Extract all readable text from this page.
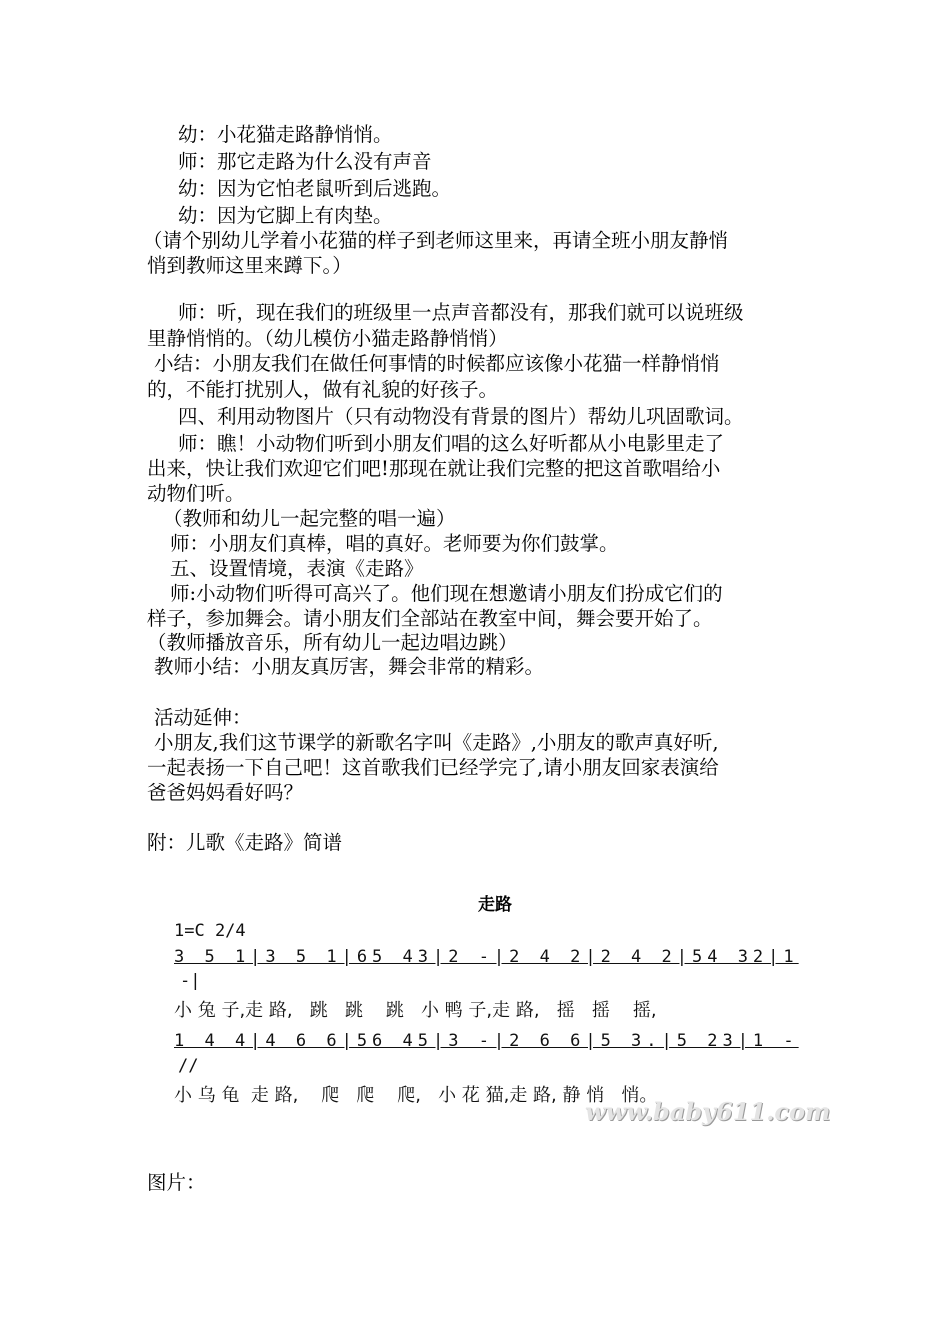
幼：小花猫走路静悄悄。
师：那它走路为什么没有声音
幼：因为它怕老鼠听到后逃跑。
幼：因为它脚上有肉垫。
（请个别幼儿学着小花猫的样子到老师这里来，再请全班小朋友静悄
悄到教师这里来蹲下。）
师：听，现在我们的班级里一点声音都没有，那我们就可以说班级
里静悄悄的。（幼儿模仿小猫走路静悄悄）
小结：小朋友我们在做任何事情的时候都应该像小花猫一样静悄悄
的，不能打扰别人，做有礼貌的好孩子。
四、利用动物图片（只有动物没有背景的图片）帮幼儿巩固歌词。
师：瞧！小动物们听到小朋友们唱的这么好听都从小电影里走了
出来，快让我们欢迎它们吧!那现在就让我们完整的把这首歌唱给小
动物们听。
（教师和幼儿一起完整的唱一遍）
师：小朋友们真棒，唱的真好。老师要为你们鼓掌。
五、设置情境，表演《走路》
师:小动物们听得可高兴了。他们现在想邀请小朋友们扮成它们的
样子，参加舞会。请小朋友们全部站在教室中间，舞会要开始了。
（教师播放音乐，所有幼儿一起边唱边跳）
教师小结：小朋友真厉害，舞会非常的精彩。
活动延伸：
小朋友,我们这节课学的新歌名字叫《走路》,小朋友的歌声真好听,
一起表扬一下自己吧！这首歌我们已经学完了,请小朋友回家表演给
爸爸妈妈看好吗？
附：儿歌《走路》简谱
走路
1=C 2/4
3 5 1|3 5 1|65 43|2 -|2 4 2|2 4 2|54 32|1
-|
小 兔 子,走 路,   跳   跳    跳   小 鸭 子,走 路,   摇   摇    摇,
1 4 4|4 6 6|56 45|3 -|2 6 6|5 3.|5 23|1 -
//
小 乌 龟  走 路,    爬   爬    爬,   小 花 猫,走 路, 静 悄   悄。
www.baby611.com
图片：
